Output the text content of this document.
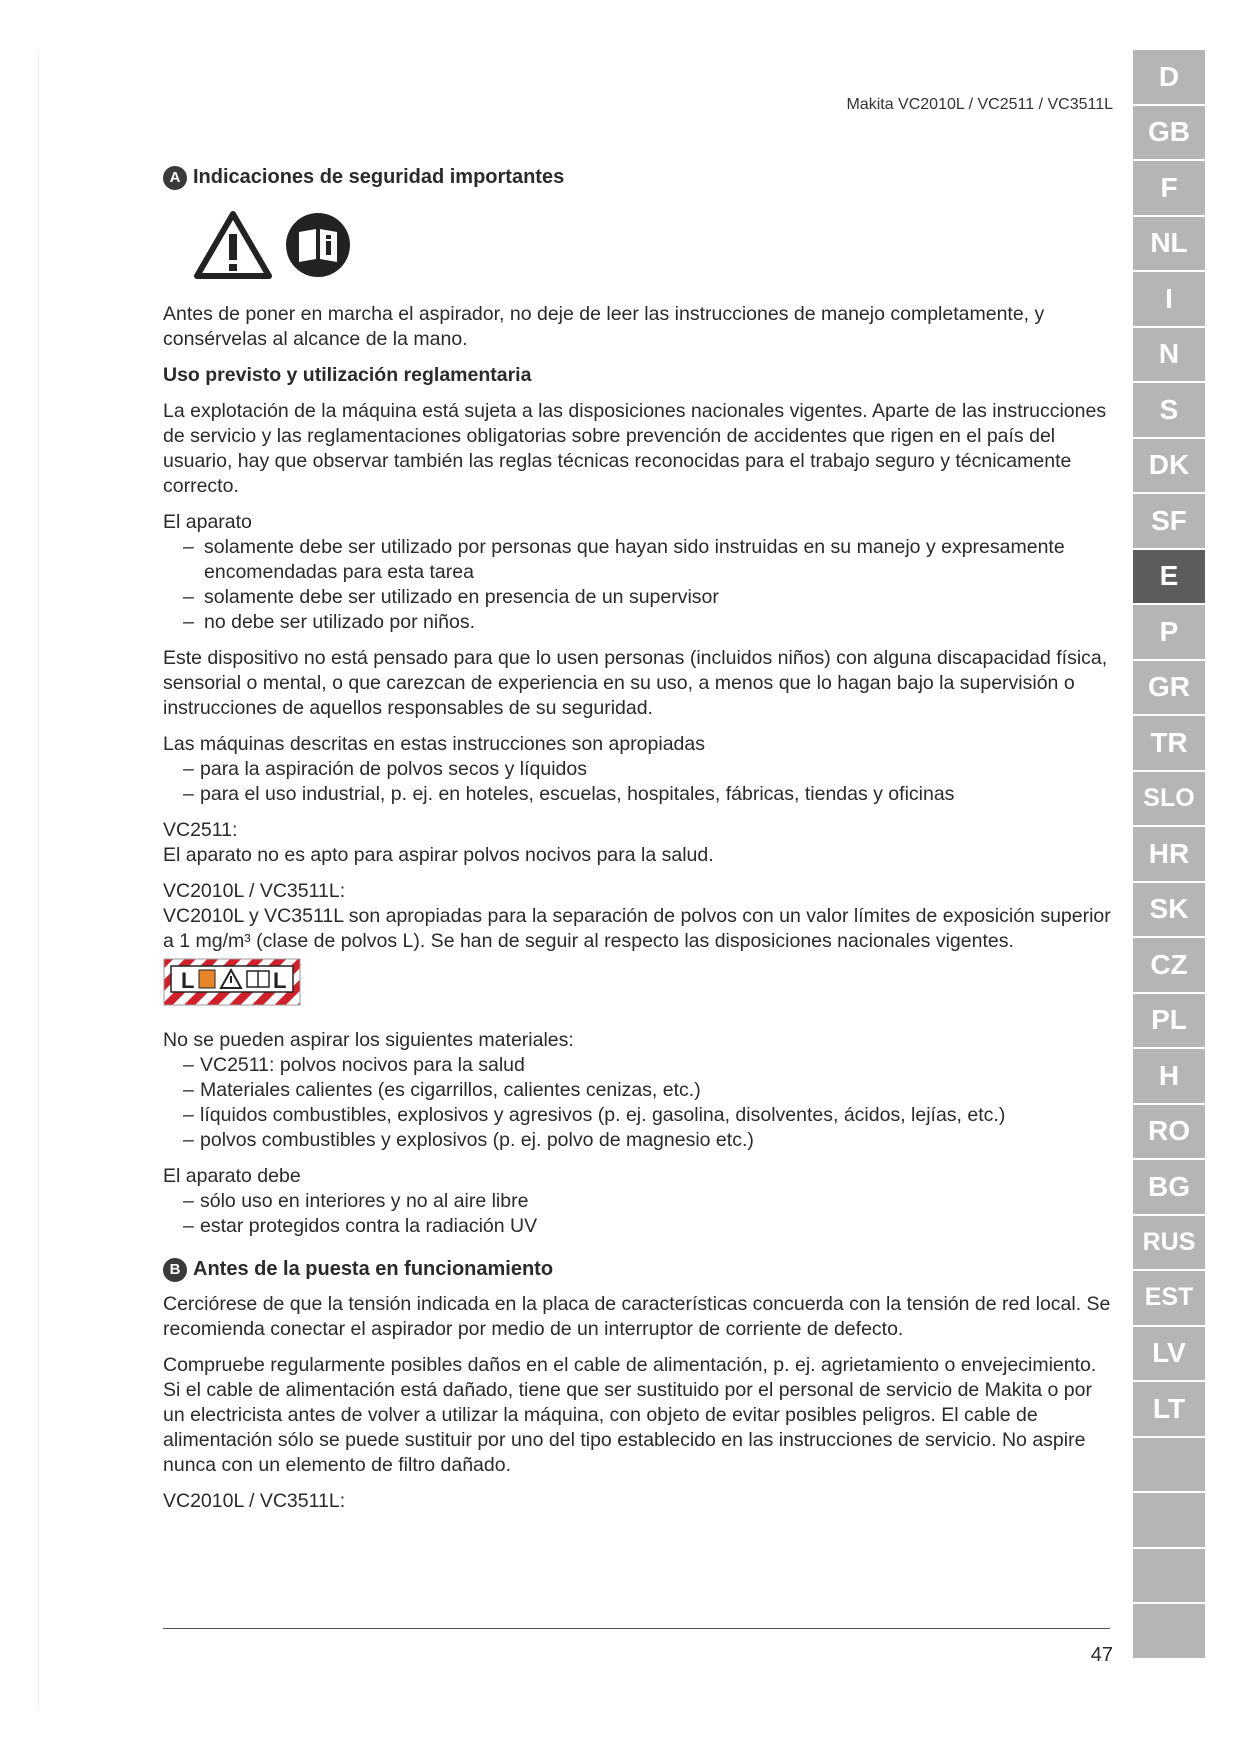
Makita VC2010L / VC2511 / VC3511L
D
GB
F
NL
I
N
S
DK
SF
E
P
GR
TR
SLO
HR
SK
CZ
PL
H
RO
BG
RUS
EST
LV
LT
A Indicaciones de seguridad importantes

Antes de poner en marcha el aspirador, no deje de leer las instrucciones de manejo completamente, y consérvelas al alcance de la mano.

Uso previsto y utilización reglamentaria

La explotación de la máquina está sujeta a las disposiciones nacionales vigentes. Aparte de las instrucciones de servicio y las reglamentaciones obligatorias sobre prevención de accidentes que rigen en el país del usuario, hay que observar también las reglas técnicas reconocidas para el trabajo seguro y técnicamente correcto.

El aparato
– solamente debe ser utilizado por personas que hayan sido instruidas en su manejo y expresamente encomendadas para esta tarea
– solamente debe ser utilizado en presencia de un supervisor
– no debe ser utilizado por niños.

Este dispositivo no está pensado para que lo usen personas (incluidos niños) con alguna discapacidad física, sensorial o mental, o que carezcan de experiencia en su uso, a menos que lo hagan bajo la supervisión o instrucciones de aquellos responsables de su seguridad.

Las máquinas descritas en estas instrucciones son apropiadas
– para la aspiración de polvos secos y líquidos
– para el uso industrial, p. ej. en hoteles, escuelas, hospitales, fábricas, tiendas y oficinas
VC2511:

El aparato no es apto para aspirar polvos nocivos para la salud.

VC2010L / VC3511L:
VC2010L y VC3511L son apropiadas para la separación de polvos con un valor límites de exposición superior a 1 mg/m³ (clase de polvos L). Se han de seguir al respecto las disposiciones nacionales vigentes.
L	L
No se pueden aspirar los siguientes materiales:
– VC2511: polvos nocivos para la salud
– Materiales calientes (es cigarrillos, calientes cenizas, etc.)
– líquidos combustibles, explosivos y agresivos (p. ej. gasolina, disolventes, ácidos, lejías, etc.)
– polvos combustibles y explosivos (p. ej. polvo de magnesio etc.)
El aparato debe
– sólo uso en interiores y no al aire libre
– estar protegidos contra la radiación UV
B Antes de la puesta en funcionamiento

Cerciórese de que la tensión indicada en la placa de características concuerda con la tensión de red local. Se recomienda conectar el aspirador por medio de un interruptor de corriente de defecto.

Compruebe regularmente posibles daños en el cable de alimentación, p. ej. agrietamiento o envejecimiento. Si el cable de alimentación está dañado, tiene que ser sustituido por el personal de servicio de Makita o por un electricista antes de volver a utilizar la máquina, con objeto de evitar posibles peligros. El cable de alimentación sólo se puede sustituir por uno del tipo establecido en las instrucciones de servicio. No aspire nunca con un elemento de filtro dañado.

VC2010L / VC3511L:

47
